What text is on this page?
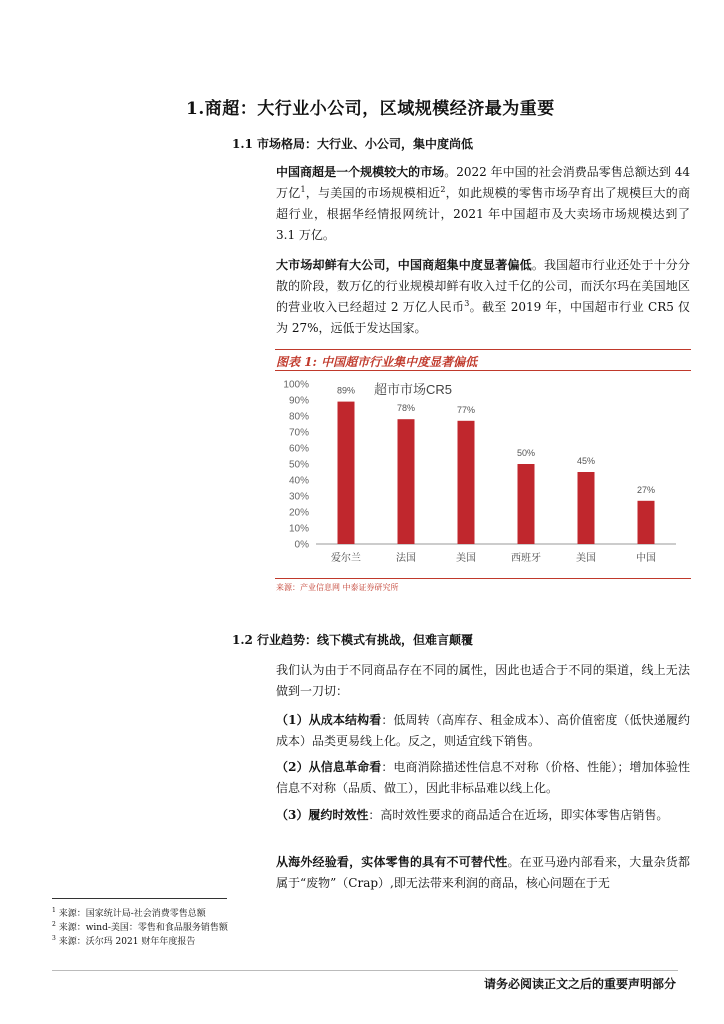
1.商超：大行业小公司，区域规模经济最为重要
1.1 市场格局：大行业、小公司，集中度尚低

中国商超是一个规模较大的市场。2022 年中国的社会消费品零售总额达到 44 万亿$^1$，与美国的市场规模相近$^2$，如此规模的零售市场孕育出了规模巨大的商超行业，根据华经情报网统计，2021 年中国超市及大卖场市场规模达到了 3.1 万亿。

大市场却鲜有大公司，中国商超集中度显著偏低。我国超市行业还处于十分分散的阶段，数万亿的行业规模却鲜有收入过千亿的公司，而沃尔玛在美国地区的营业收入已经超过 2 万亿人民币$^3$。截至 2019 年，中国超市行业 CR5 仅为 27%，远低于发达国家。

图表 1: 中国超市行业集中度显著偏低
超市市场CR5
0%
10%
20%
30%
40%
50%
60%
70%
80%
90%
100%
89%
爱尔兰
78%
法国
77%
美国
50%
西班牙
45%
美国
27%
中国
来源：产业信息网 中泰证券研究所
1.2 行业趋势：线下模式有挑战，但难言颠覆

我们认为由于不同商品存在不同的属性，因此也适合于不同的渠道，线上无法做到一刀切：

（1）从成本结构看：低周转（高库存、租金成本）、高价值密度（低快递履约成本）品类更易线上化。反之，则适宜线下销售。

（2）从信息革命看：电商消除描述性信息不对称（价格、性能）；增加体验性信息不对称（品质、做工），因此非标品难以线上化。

（3）履约时效性：高时效性要求的商品适合在近场，即实体零售店销售。

从海外经验看，实体零售的具有不可替代性。在亚马逊内部看来，大量杂货都属于“废物”（Crap）,即无法带来利润的商品，核心问题在于无

$^1$ 来源：国家统计局-社会消费零售总额
$^2$ 来源：wind-美国：零售和食品服务销售额
$^3$ 来源：沃尔玛 2021 财年年度报告
请务必阅读正文之后的重要声明部分
